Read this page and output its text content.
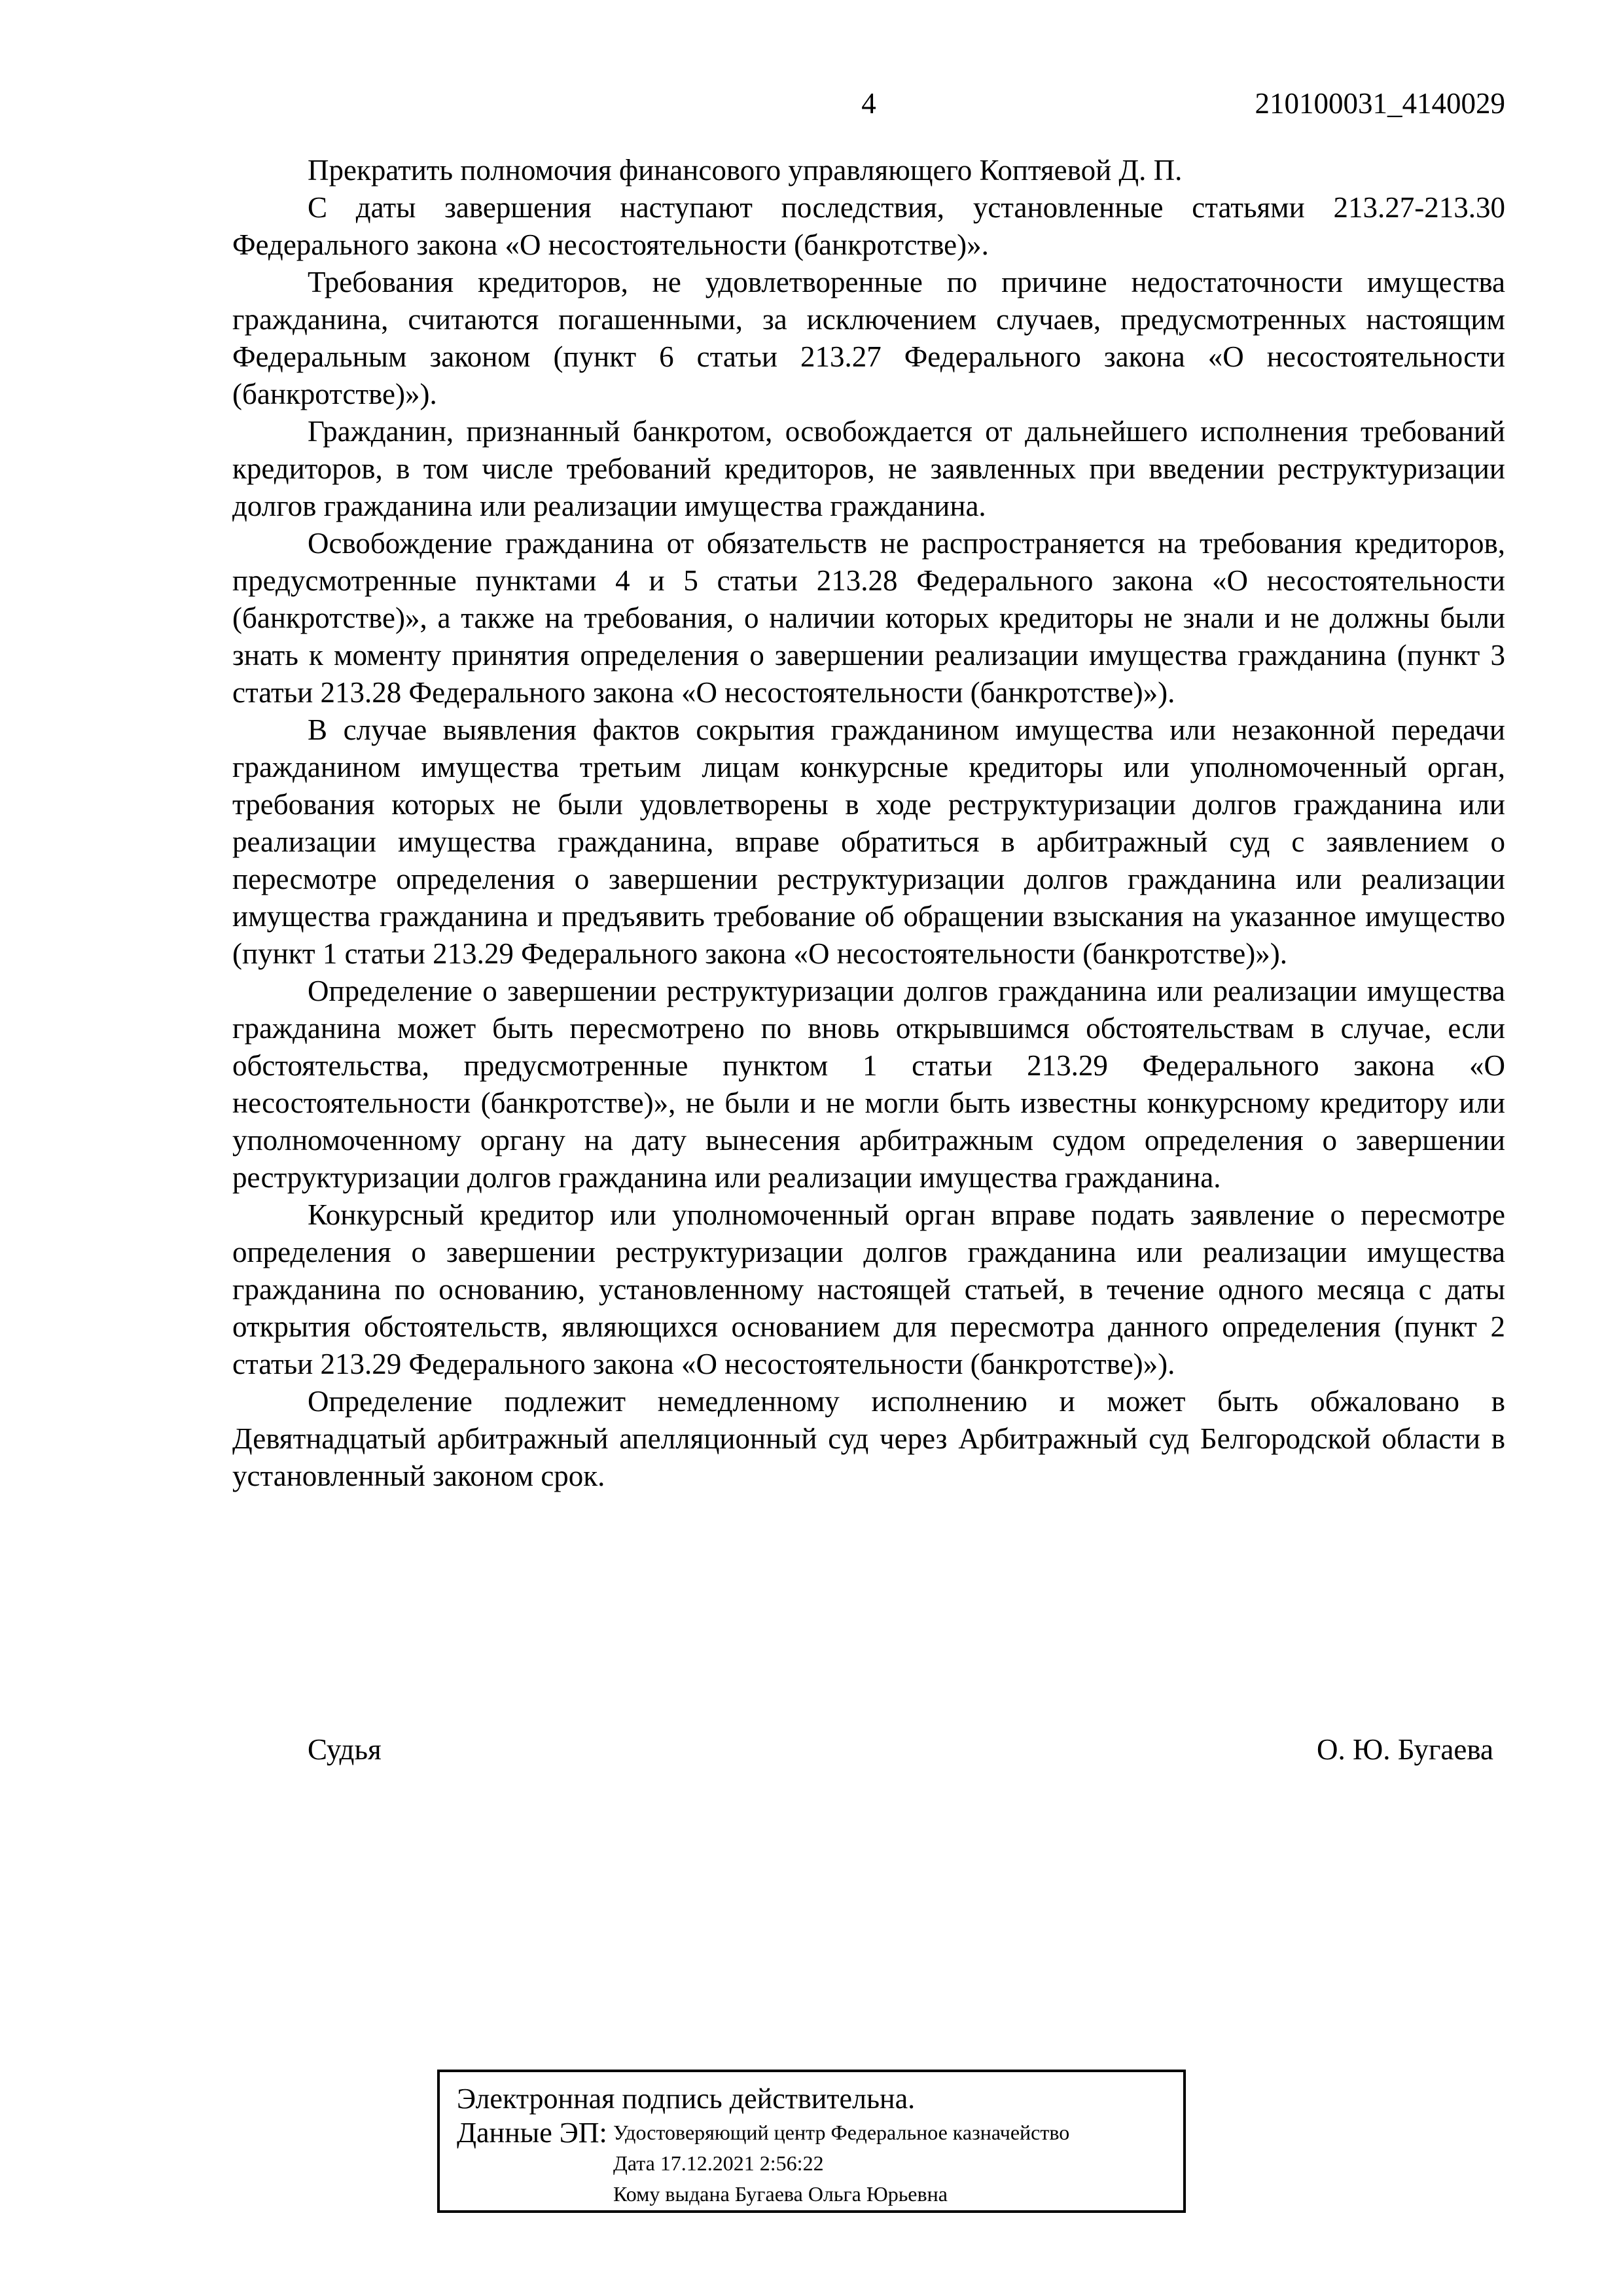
4	210100031_4140029

Прекратить полномочия финансового управляющего Коптяевой Д. П.

С даты завершения наступают последствия, установленные статьями 213.27-213.30 Федерального закона «О несостоятельности (банкротстве)».

Требования кредиторов, не удовлетворенные по причине недостаточности имущества гражданина, считаются погашенными, за исключением случаев, предусмотренных настоящим Федеральным законом (пункт 6 статьи 213.27 Федерального закона «О несостоятельности (банкротстве)»).

Гражданин, признанный банкротом, освобождается от дальнейшего исполнения требований кредиторов, в том числе требований кредиторов, не заявленных при введении реструктуризации долгов гражданина или реализации имущества гражданина.

Освобождение гражданина от обязательств не распространяется на требования кредиторов, предусмотренные пунктами 4 и 5 статьи 213.28 Федерального закона «О несостоятельности (банкротстве)», а также на требования, о наличии которых кредиторы не знали и не должны были знать к моменту принятия определения о завершении реализации имущества гражданина (пункт 3 статьи 213.28 Федерального закона «О несостоятельности (банкротстве)»).

В случае выявления фактов сокрытия гражданином имущества или незаконной передачи гражданином имущества третьим лицам конкурсные кредиторы или уполномоченный орган, требования которых не были удовлетворены в ходе реструктуризации долгов гражданина или реализации имущества гражданина, вправе обратиться в арбитражный суд с заявлением о пересмотре определения о завершении реструктуризации долгов гражданина или реализации имущества гражданина и предъявить требование об обращении взыскания на указанное имущество (пункт 1 статьи 213.29 Федерального закона «О несостоятельности (банкротстве)»).

Определение о завершении реструктуризации долгов гражданина или реализации имущества гражданина может быть пересмотрено по вновь открывшимся обстоятельствам в случае, если обстоятельства, предусмотренные пунктом 1 статьи 213.29 Федерального закона «О несостоятельности (банкротстве)», не были и не могли быть известны конкурсному кредитору или уполномоченному органу на дату вынесения арбитражным судом определения о завершении реструктуризации долгов гражданина или реализации имущества гражданина.

Конкурсный кредитор или уполномоченный орган вправе подать заявление о пересмотре определения о завершении реструктуризации долгов гражданина или реализации имущества гражданина по основанию, установленному настоящей статьей, в течение одного месяца с даты открытия обстоятельств, являющихся основанием для пересмотра данного определения (пункт 2 статьи 213.29 Федерального закона «О несостоятельности (банкротстве)»).

Определение подлежит немедленному исполнению и может быть обжаловано в Девятнадцатый арбитражный апелляционный суд через Арбитражный суд Белгородской области в установленный законом срок.

Судья	О. Ю. Бугаева
Электронная подпись действительна.
Данные ЭП: Удостоверяющий центр Федеральное казначейство
Дата 17.12.2021 2:56:22
Кому выдана Бугаева Ольга Юрьевна
